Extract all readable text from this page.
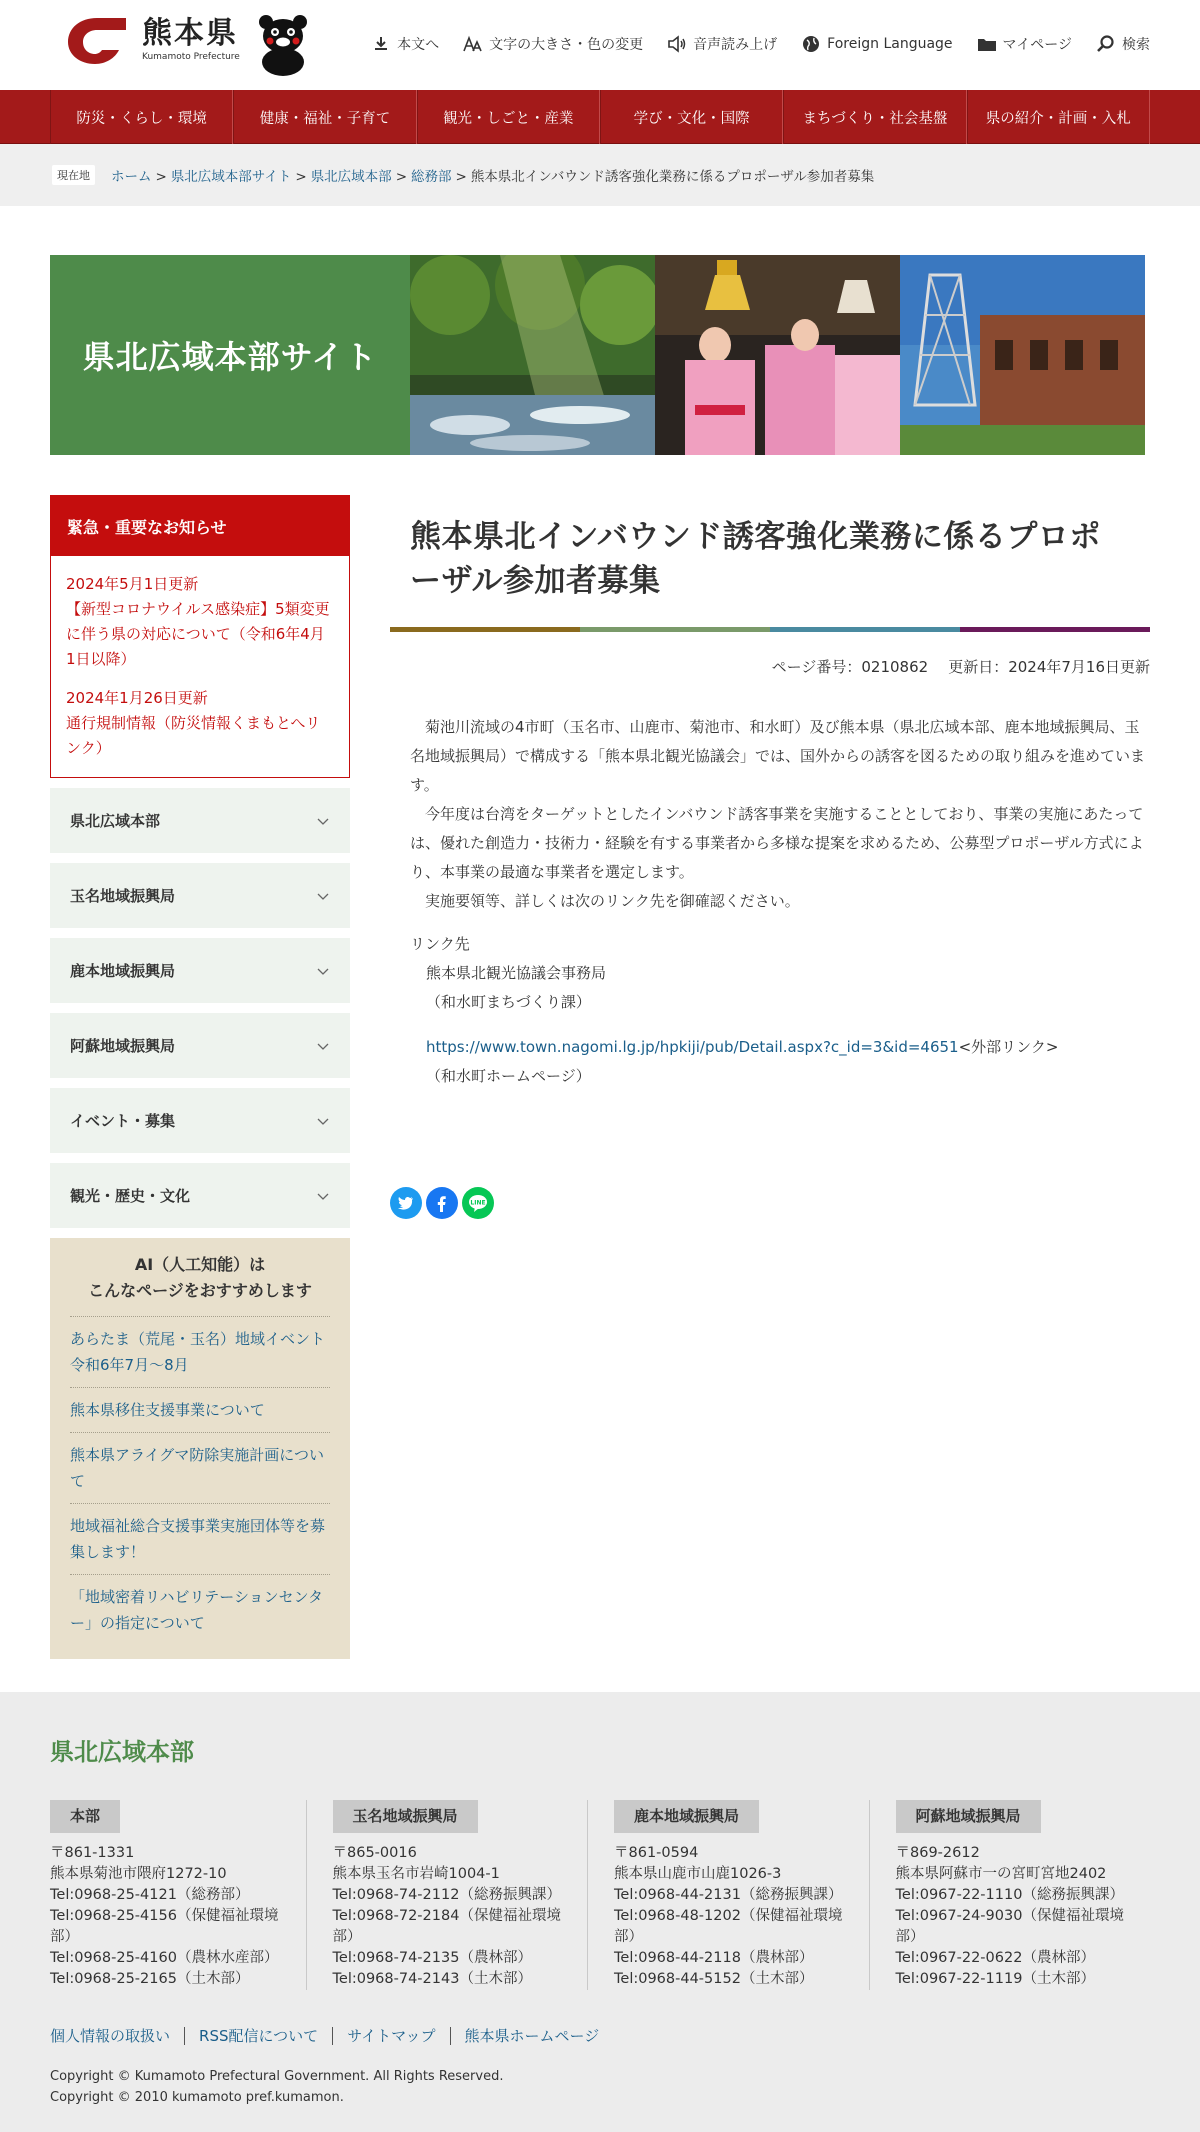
熊本県
Kumamoto Prefecture
本文へ	文字の大きさ・色の変更	音声読み上げ	Foreign Language	マイページ	検索
防災・くらし・環境	健康・福祉・子育て	観光・しごと・産業	学び・文化・国際	まちづくり・社会基盤	県の紹介・計画・入札
現在地	ホーム > 県北広域本部サイト > 県北広域本部 > 総務部 > 熊本県北インバウンド誘客強化業務に係るプロポーザル参加者募集
県北広域本部サイト
緊急・重要なお知らせ
2024年5月1日更新
【新型コロナウイルス感染症】5類変更に伴う県の対応について（令和6年4月1日以降）
2024年1月26日更新
通行規制情報（防災情報くまもとへリンク）
県北広域本部
玉名地域振興局
鹿本地域振興局
阿蘇地域振興局
イベント・募集
観光・歴史・文化
AI（人工知能）は
こんなページをおすすめします
あらたま（荒尾・玉名）地域イベント　令和6年7月～8月
熊本県移住支援事業について
熊本県アライグマ防除実施計画について
地域福祉総合支援事業実施団体等を募集します！
「地域密着リハビリテーションセンター」の指定について
熊本県北インバウンド誘客強化業務に係るプロポーザル参加者募集
ページ番号：0210862 更新日：2024年7月16日更新

菊池川流域の4市町（玉名市、山鹿市、菊池市、和水町）及び熊本県（県北広域本部、鹿本地域振興局、玉名地域振興局）で構成する「熊本県北観光協議会」では、国外からの誘客を図るための取り組みを進めています。

今年度は台湾をターゲットとしたインバウンド誘客事業を実施することとしており、事業の実施にあたっては、優れた創造力・技術力・経験を有する事業者から多様な提案を求めるため、公募型プロポーザル方式により、本事業の最適な事業者を選定します。

実施要領等、詳しくは次のリンク先を御確認ください。

リンク先
熊本県北観光協議会事務局
（和水町まちづくり課）
https://www.town.nagomi.lg.jp/hpkiji/pub/Detail.aspx?c_id=3&id=4651<外部リンク>
（和水町ホームページ）
LINE
県北広域本部
本部
〒861-1331
熊本県菊池市隈府1272-10
Tel:0968-25-4121（総務部）
Tel:0968-25-4156（保健福祉環境部）
Tel:0968-25-4160（農林水産部）
Tel:0968-25-2165（土木部）
玉名地域振興局
〒865-0016
熊本県玉名市岩崎1004-1
Tel:0968-74-2112（総務振興課）
Tel:0968-72-2184（保健福祉環境部）
Tel:0968-74-2135（農林部）
Tel:0968-74-2143（土木部）
鹿本地域振興局
〒861-0594
熊本県山鹿市山鹿1026-3
Tel:0968-44-2131（総務振興課）
Tel:0968-48-1202（保健福祉環境部）
Tel:0968-44-2118（農林部）
Tel:0968-44-5152（土木部）
阿蘇地域振興局
〒869-2612
熊本県阿蘇市一の宮町宮地2402
Tel:0967-22-1110（総務振興課）
Tel:0967-24-9030（保健福祉環境部）
Tel:0967-22-0622（農林部）
Tel:0967-22-1119（土木部）
個人情報の取扱い	RSS配信について	サイトマップ	熊本県ホームページ
Copyright © Kumamoto Prefectural Government. All Rights Reserved.
Copyright © 2010 kumamoto pref.kumamon.
